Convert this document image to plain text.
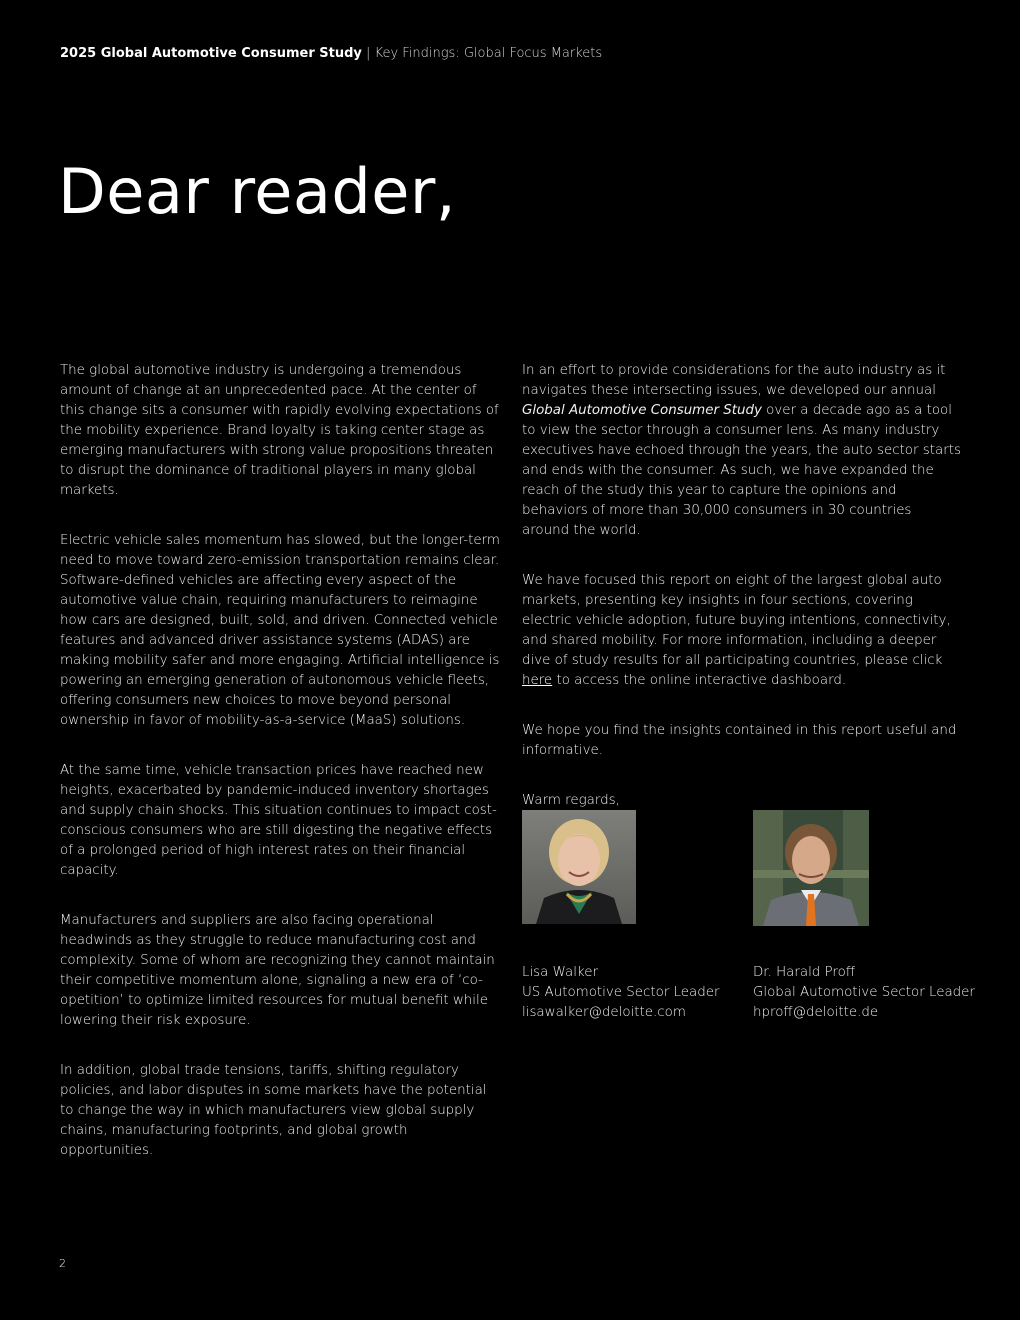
2025 Global Automotive Consumer Study | Key Findings: Global Focus Markets
Dear reader,

The global automotive industry is undergoing a tremendous amount of change at an unprecedented pace. At the center of this change sits a consumer with rapidly evolving expectations of the mobility experience. Brand loyalty is taking center stage as emerging manufacturers with strong value propositions threaten to disrupt the dominance of traditional players in many global markets.

Electric vehicle sales momentum has slowed, but the longer-term need to move toward zero-emission transportation remains clear. Software-defined vehicles are affecting every aspect of the automotive value chain, requiring manufacturers to reimagine how cars are designed, built, sold, and driven. Connected vehicle features and advanced driver assistance systems (ADAS) are making mobility safer and more engaging. Artificial intelligence is powering an emerging generation of autonomous vehicle fleets, offering consumers new choices to move beyond personal ownership in favor of mobility-as-a-service (MaaS) solutions.

At the same time, vehicle transaction prices have reached new heights, exacerbated by pandemic-induced inventory shortages and supply chain shocks. This situation continues to impact cost-conscious consumers who are still digesting the negative effects of a prolonged period of high interest rates on their financial capacity.

Manufacturers and suppliers are also facing operational headwinds as they struggle to reduce manufacturing cost and complexity. Some of whom are recognizing they cannot maintain their competitive momentum alone, signaling a new era of ‘co-opetition’ to optimize limited resources for mutual benefit while lowering their risk exposure.

In addition, global trade tensions, tariffs, shifting regulatory policies, and labor disputes in some markets have the potential to change the way in which manufacturers view global supply chains, manufacturing footprints, and global growth opportunities.

In an effort to provide considerations for the auto industry as it navigates these intersecting issues, we developed our annual Global Automotive Consumer Study over a decade ago as a tool to view the sector through a consumer lens. As many industry executives have echoed through the years, the auto sector starts and ends with the consumer. As such, we have expanded the reach of the study this year to capture the opinions and behaviors of more than 30,000 consumers in 30 countries around the world.

We have focused this report on eight of the largest global auto markets, presenting key insights in four sections, covering electric vehicle adoption, future buying intentions, connectivity, and shared mobility. For more information, including a deeper dive of study results for all participating countries, please click here to access the online interactive dashboard.

We hope you find the insights contained in this report useful and informative.

Warm regards,

Lisa Walker
US Automotive Sector Leader
lisawalker@deloitte.com
Dr. Harald Proff
Global Automotive Sector Leader
hproff@deloitte.de
2
